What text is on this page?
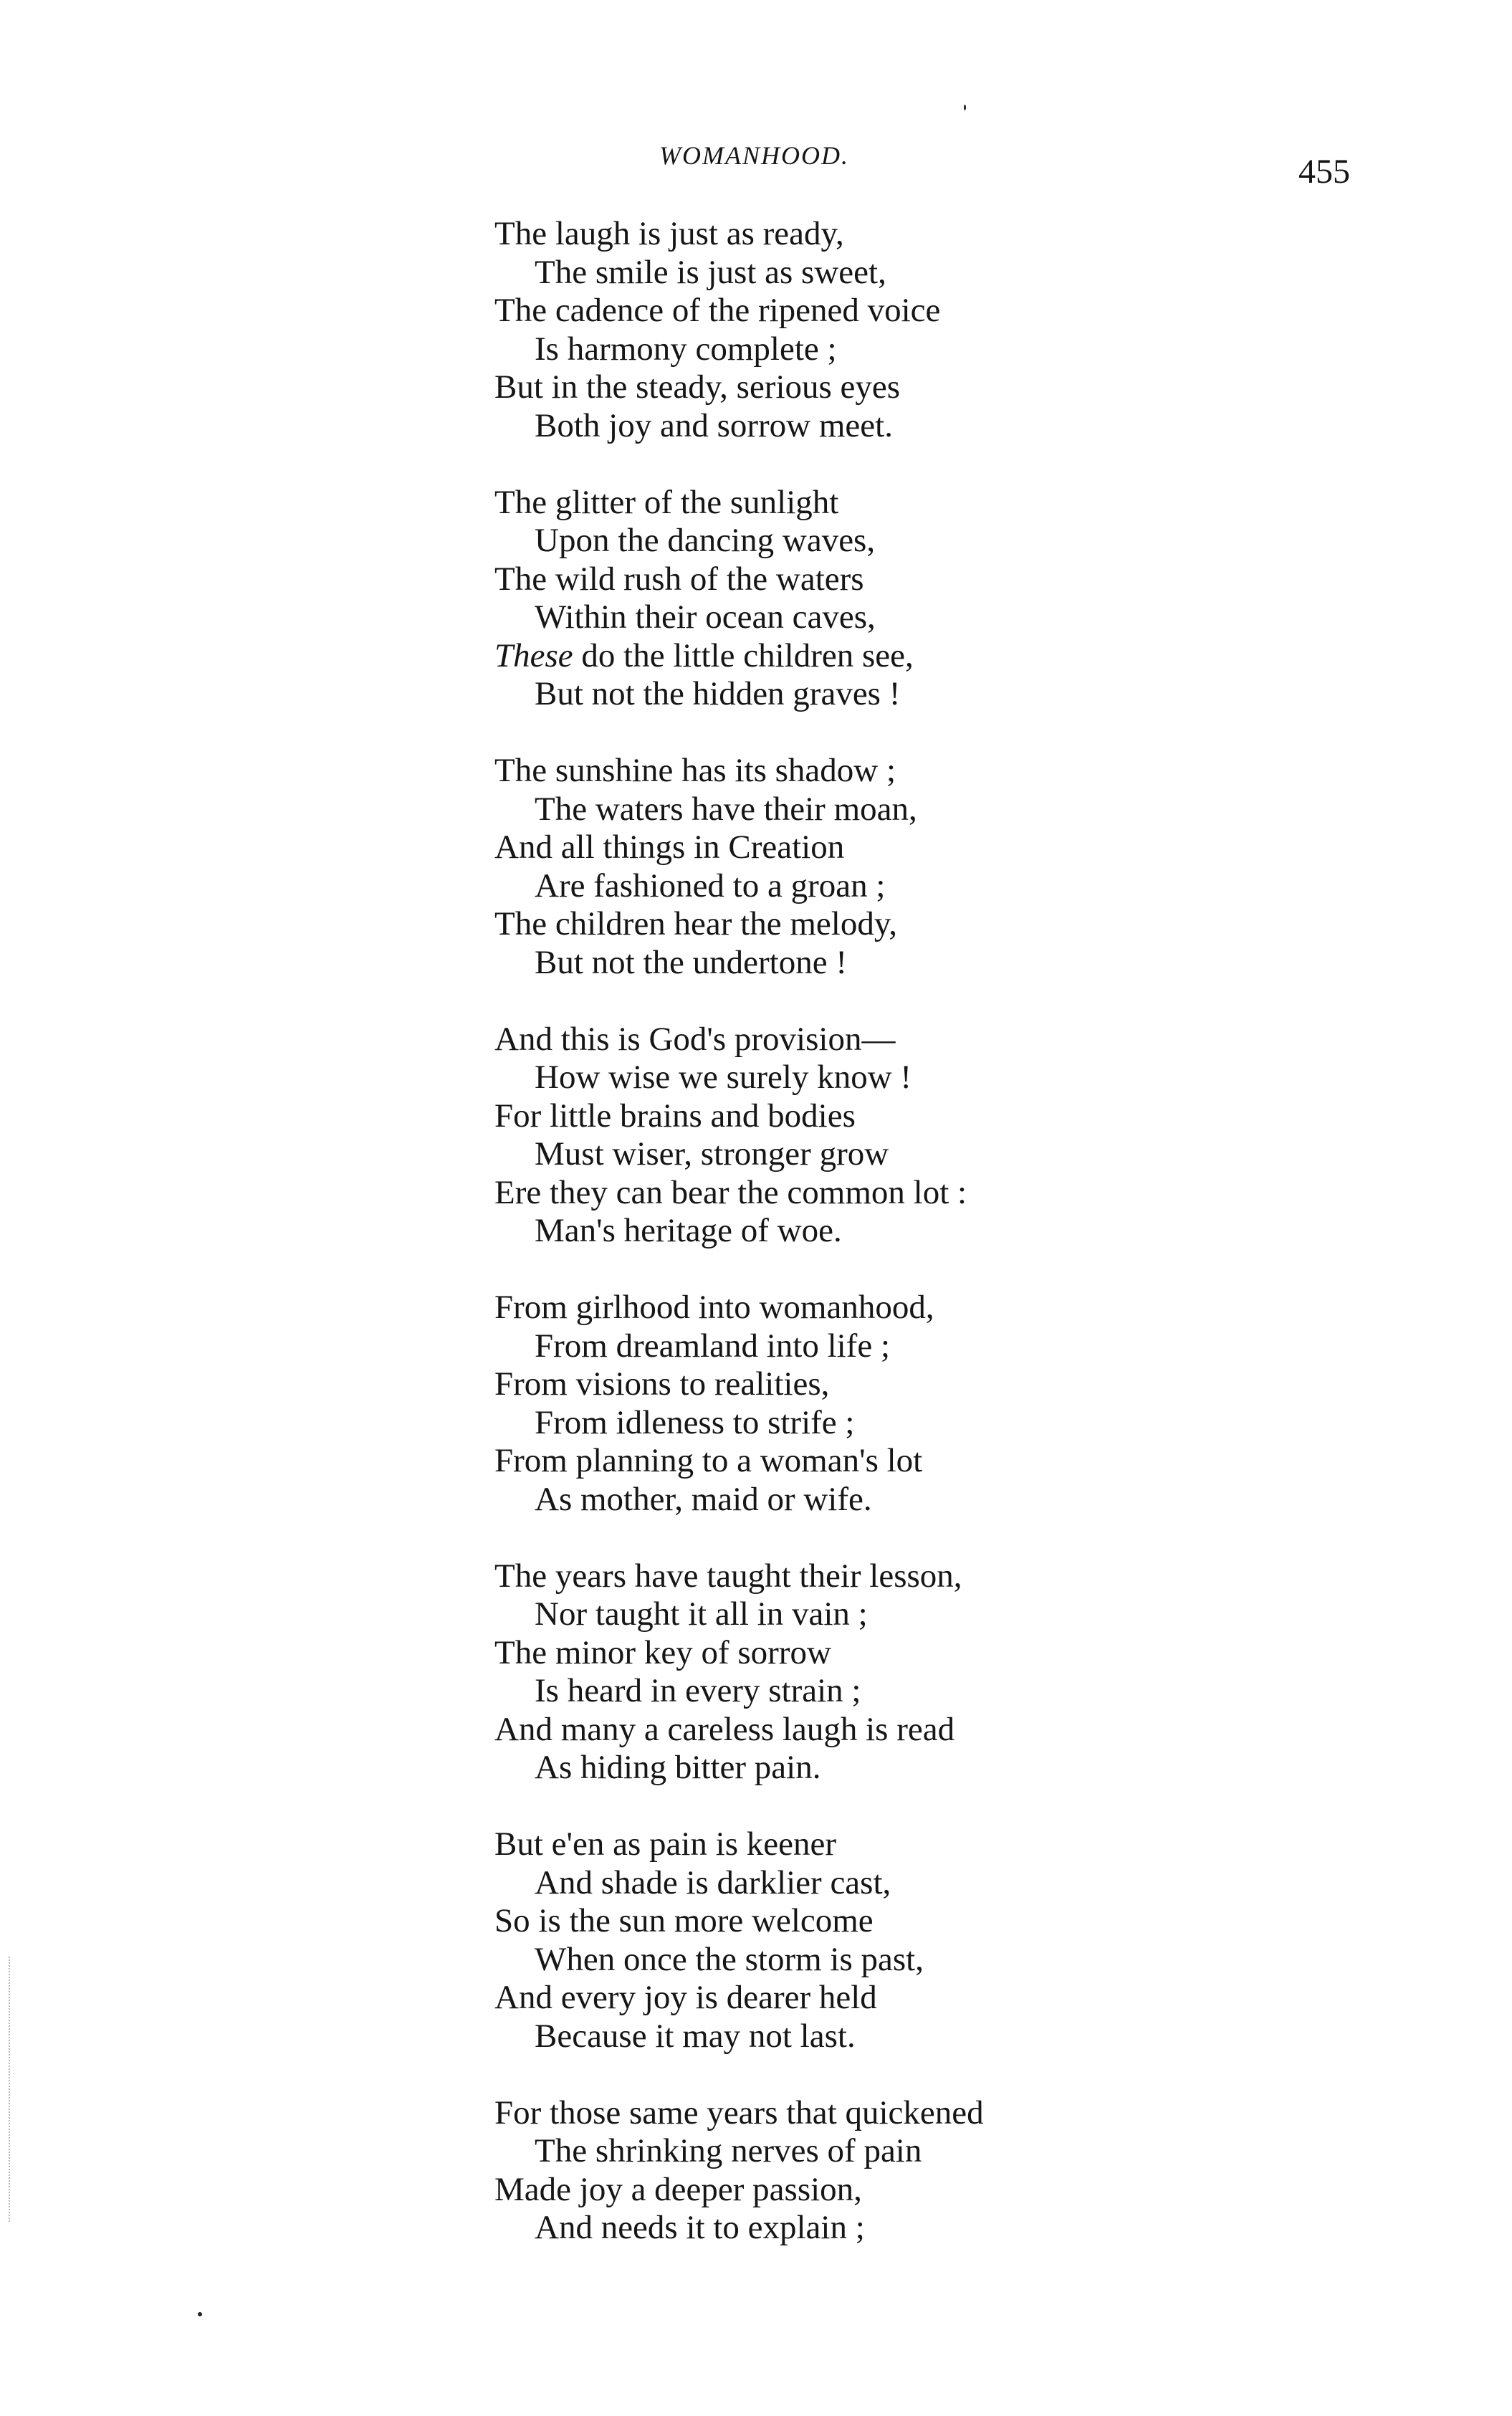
WOMANHOOD.	455
The laugh is just as ready,
The smile is just as sweet,
The cadence of the ripened voice
Is harmony complete ;
But in the steady, serious eyes
Both joy and sorrow meet.
The glitter of the sunlight
Upon the dancing waves,
The wild rush of the waters
Within their ocean caves,
These do the little children see,
But not the hidden graves !
The sunshine has its shadow ;
The waters have their moan,
And all things in Creation
Are fashioned to a groan ;
The children hear the melody,
But not the undertone !
And this is God's provision—
How wise we surely know !
For little brains and bodies
Must wiser, stronger grow
Ere they can bear the common lot :
Man's heritage of woe.
From girlhood into womanhood,
From dreamland into life ;
From visions to realities,
From idleness to strife ;
From planning to a woman's lot
As mother, maid or wife.
The years have taught their lesson,
Nor taught it all in vain ;
The minor key of sorrow
Is heard in every strain ;
And many a careless laugh is read
As hiding bitter pain.
But e'en as pain is keener
And shade is darklier cast,
So is the sun more welcome
When once the storm is past,
And every joy is dearer held
Because it may not last.
For those same years that quickened
The shrinking nerves of pain
Made joy a deeper passion,
And needs it to explain ;
